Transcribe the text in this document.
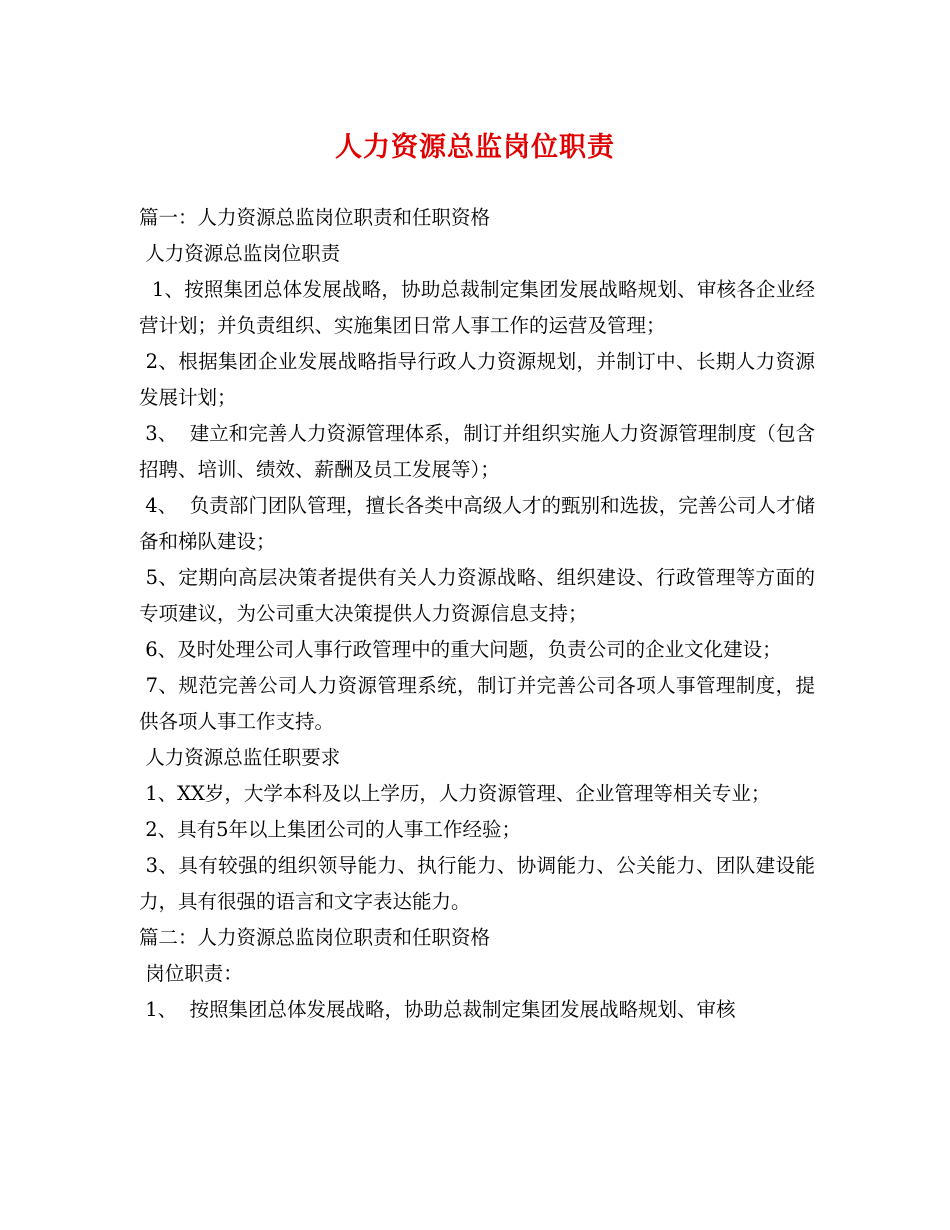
人力资源总监岗位职责

篇一：人力资源总监岗位职责和任职资格

人力资源总监岗位职责

1、按照集团总体发展战略，协助总裁制定集团发展战略规划、审核各企业经营计划；并负责组织、实施集团日常人事工作的运营及管理；

2、根据集团企业发展战略指导行政人力资源规划，并制订中、长期人力资源发展计划；

3、  建立和完善人力资源管理体系，制订并组织实施人力资源管理制度（包含招聘、培训、绩效、薪酬及员工发展等）；

4、  负责部门团队管理，擅长各类中高级人才的甄别和选拔，完善公司人才储备和梯队建设；

5、定期向高层决策者提供有关人力资源战略、组织建设、行政管理等方面的专项建议，为公司重大决策提供人力资源信息支持；

6、及时处理公司人事行政管理中的重大问题，负责公司的企业文化建设；

7、规范完善公司人力资源管理系统，制订并完善公司各项人事管理制度，提供各项人事工作支持。

人力资源总监任职要求

1、XX岁，大学本科及以上学历，人力资源管理、企业管理等相关专业；

2、具有5年以上集团公司的人事工作经验；

3、具有较强的组织领导能力、执行能力、协调能力、公关能力、团队建设能力，具有很强的语言和文字表达能力。

篇二：人力资源总监岗位职责和任职资格

岗位职责：

1、  按照集团总体发展战略，协助总裁制定集团发展战略规划、审核
